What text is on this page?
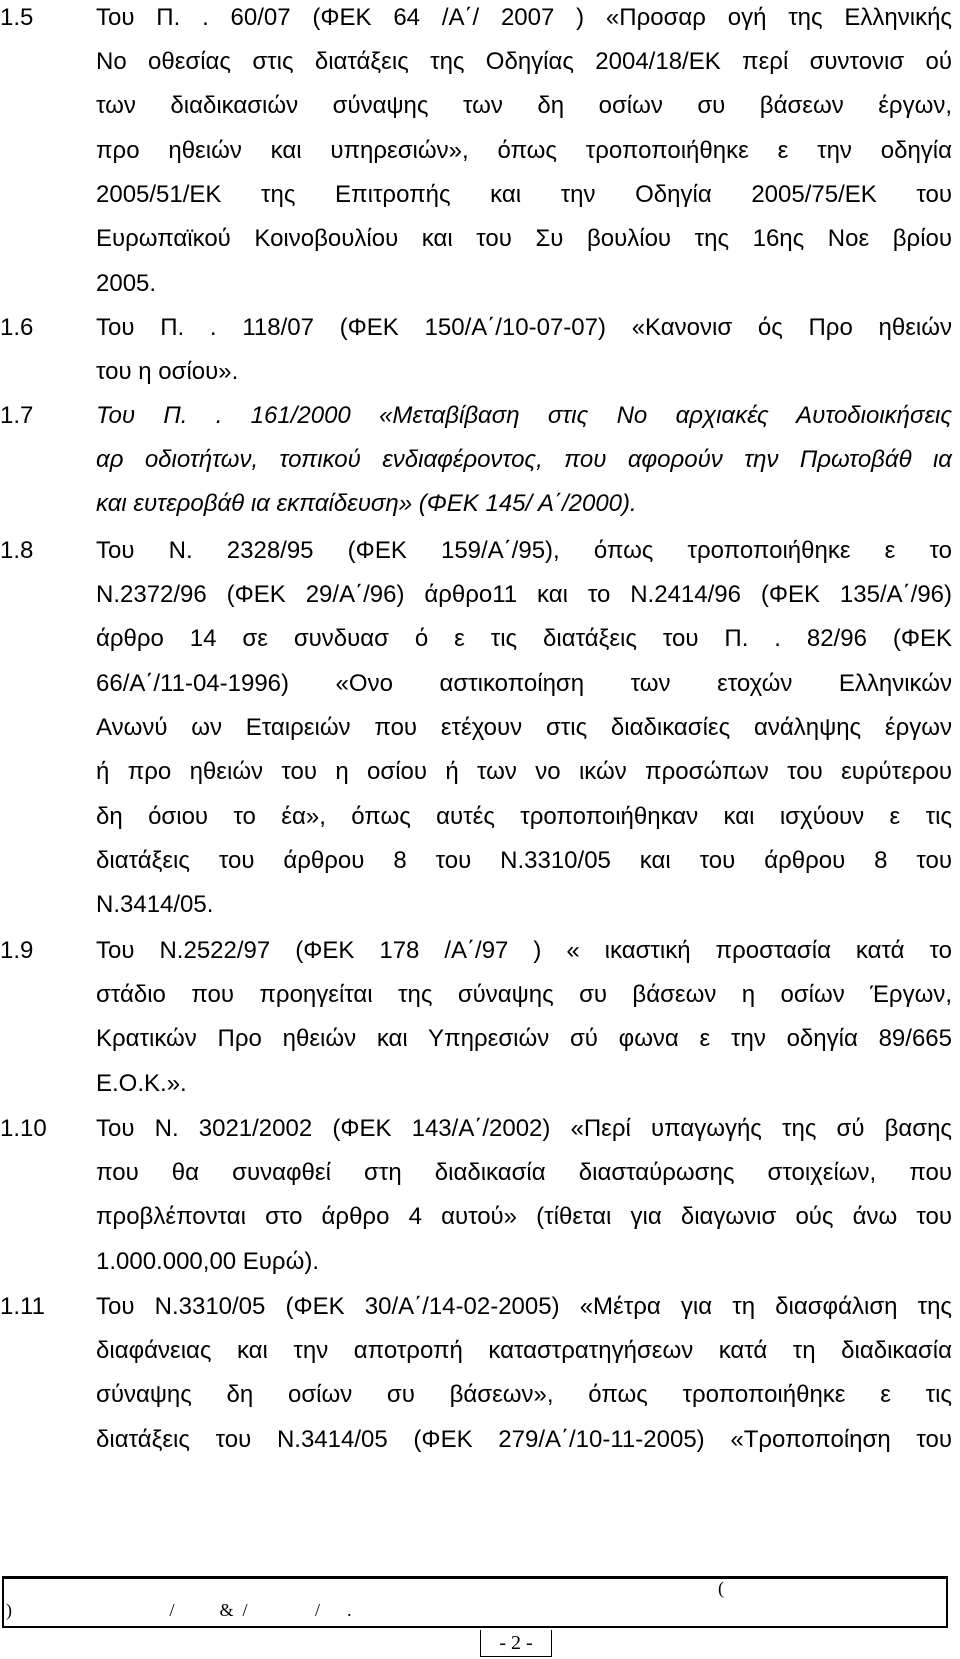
1.5	Του Π. . 60/07 (ΦΕΚ 64 /Α΄/ 2007 ) «Προσαρ ογή της Ελληνικής
Νο οθεσίας στις διατάξεις της Οδηγίας 2004/18/ΕΚ περί συντονισ ού
των διαδικασιών σύναψης των δη οσίων συ βάσεων έργων,
προ ηθειών και υπηρεσιών», όπως τροποποιήθηκε ε την οδηγία
2005/51/ΕΚ της Επιτροπής και την Οδηγία 2005/75/ΕΚ του
Ευρωπαϊκού Κοινοβουλίου και του Συ βουλίου της 16ης Νοε βρίου
2005.
1.6	Του Π. . 118/07 (ΦΕΚ 150/Α΄/10-07-07) «Κανονισ ός Προ ηθειών
του η οσίου».
1.7	Του Π. . 161/2000 «Μεταβίβαση στις Νο αρχιακές Αυτοδιοικήσεις
αρ οδιοτήτων, τοπικού ενδιαφέροντος, που αφορούν την Πρωτοβάθ ια
και ευτεροβάθ ια εκπαίδευση» (ΦΕΚ 145/ Α΄/2000).
1.8	Του Ν. 2328/95 (ΦΕΚ 159/Α΄/95), όπως τροποποιήθηκε ε το
Ν.2372/96 (ΦΕΚ 29/Α΄/96) άρθρο11 και το Ν.2414/96 (ΦΕΚ 135/Α΄/96)
άρθρο 14 σε συνδυασ ό ε τις διατάξεις του Π. . 82/96 (ΦΕΚ
66/Α΄/11-04-1996) «Ονο αστικοποίηση των ετοχών Ελληνικών
Ανωνύ ων Εταιρειών που ετέχουν στις διαδικασίες ανάληψης έργων
ή προ ηθειών του η οσίου ή των νο ικών προσώπων του ευρύτερου
δη όσιου το έα», όπως αυτές τροποποιήθηκαν και ισχύουν ε τις
διατάξεις του άρθρου 8 του Ν.3310/05 και του άρθρου 8 του
Ν.3414/05.
1.9	Του Ν.2522/97 (ΦΕΚ 178 /Α΄/97 ) « ικαστική προστασία κατά το
στάδιο που προηγείται της σύναψης συ βάσεων η οσίων Έργων,
Κρατικών Προ ηθειών και Υπηρεσιών σύ φωνα ε την οδηγία 89/665
Ε.Ο.Κ.».
1.10 Του Ν. 3021/2002 (ΦΕΚ 143/Α΄/2002) «Περί υπαγωγής της σύ βασης
που θα συναφθεί στη διαδικασία διασταύρωσης στοιχείων, που
προβλέπονται στο άρθρο 4 αυτού» (τίθεται για διαγωνισ ούς άνω του
1.000.000,00 Ευρώ).
1.11 Του Ν.3310/05 (ΦΕΚ 30/Α΄/14-02-2005) «Μέτρα για τη διασφάλιση της
διαφάνειας και την αποτροπή καταστρατηγήσεων κατά τη διαδικασία
σύναψης δη οσίων συ βάσεων», όπως τροποποιήθηκε ε τις
διατάξεις του Ν.3414/05 (ΦΕΚ 279/Α΄/10-11-2005) «Τροποποίηση του
(
)                                   /          &  /               /      .
- 2 -
